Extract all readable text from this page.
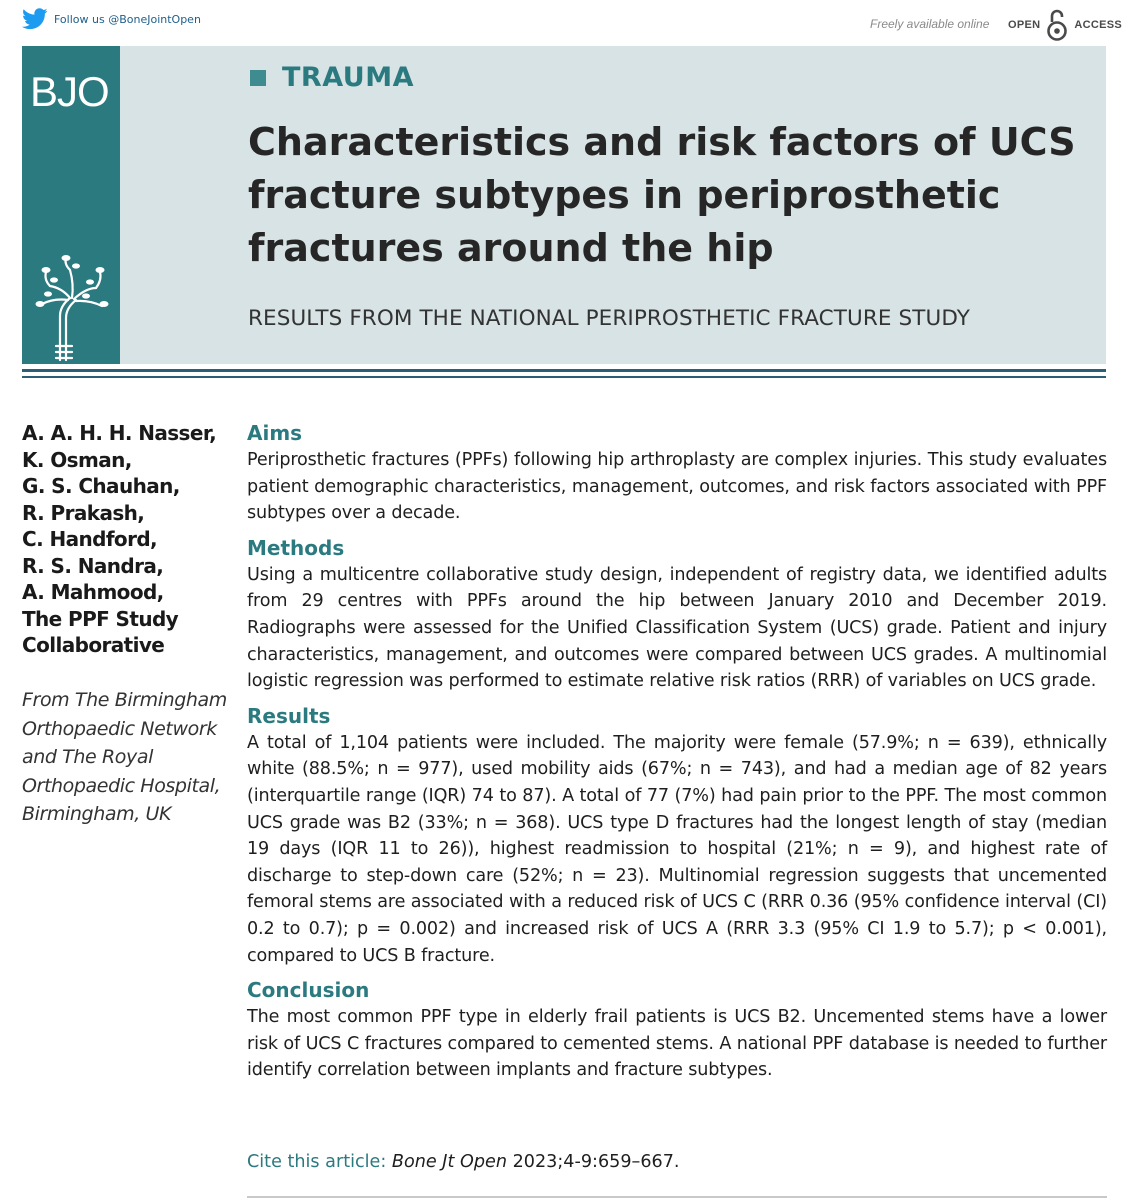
Follow us @BoneJointOpen	Freely available online OPEN	ACCESS
BJO	TRAUMA
Characteristics and risk factors of UCS fracture subtypes in periprosthetic fractures around the hip
RESULTS FROM THE NATIONAL PERIPROSTHETIC FRACTURE STUDY
A. A. H. H. Nasser,
K. Osman,
G. S. Chauhan,
R. Prakash,
C. Handford,
R. S. Nandra,
A. Mahmood,
The PPF Study
Collaborative
From The Birmingham Orthopaedic Network and The Royal Orthopaedic Hospital, Birmingham, UK
Aims

Periprosthetic fractures (PPFs) following hip arthroplasty are complex injuries. This study evaluates patient demographic characteristics, management, outcomes, and risk factors associated with PPF subtypes over a decade.

Methods

Using a multicentre collaborative study design, independent of registry data, we identified adults from 29 centres with PPFs around the hip between January 2010 and December 2019. Radiographs were assessed for the Unified Classification System (UCS) grade. Patient and injury characteristics, management, and outcomes were compared between UCS grades. A multinomial logistic regression was performed to estimate relative risk ratios (RRR) of variables on UCS grade.

Results

A total of 1,104 patients were included. The majority were female (57.9%; n = 639), ethnically white (88.5%; n = 977), used mobility aids (67%; n = 743), and had a median age of 82 years (interquartile range (IQR) 74 to 87). A total of 77 (7%) had pain prior to the PPF. The most common UCS grade was B2 (33%; n = 368). UCS type D fractures had the longest length of stay (median 19 days (IQR 11 to 26)), highest readmission to hospital (21%; n = 9), and highest rate of discharge to step-down care (52%; n = 23). Multinomial regression suggests that uncemented femoral stems are associated with a reduced risk of UCS C (RRR 0.36 (95% confidence interval (CI) 0.2 to 0.7); p = 0.002) and increased risk of UCS A (RRR 3.3 (95% CI 1.9 to 5.7); p < 0.001), compared to UCS B fracture.

Conclusion

The most common PPF type in elderly frail patients is UCS B2. Uncemented stems have a lower risk of UCS C fractures compared to cemented stems. A national PPF database is needed to further identify correlation between implants and fracture subtypes.

Cite this article: Bone Jt Open 2023;4-9:659–667.
